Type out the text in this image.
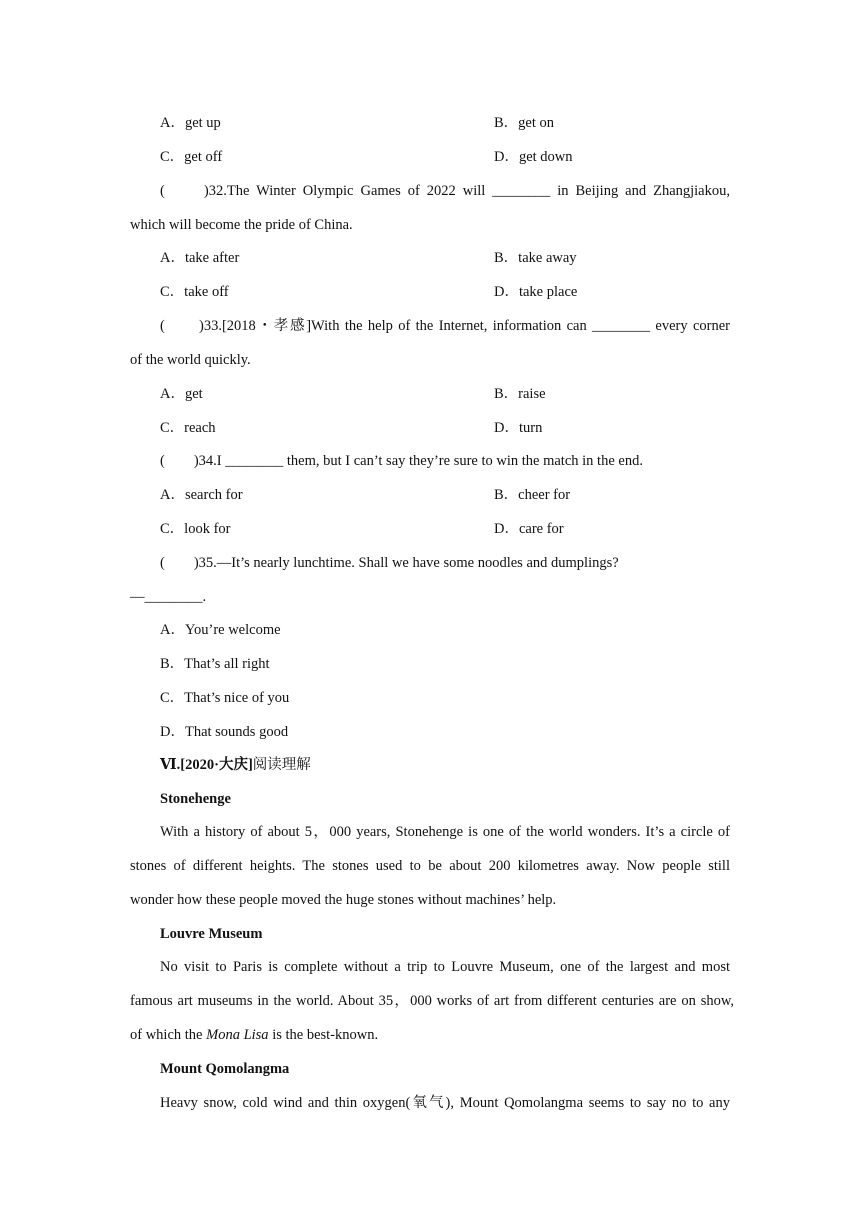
A．get up	B．get on
C．get off	D．get down
(　　)32.The Winter Olympic Games of 2022 will ________ in Beijing and Zhangjiakou,
which will become the pride of China.
A．take after	B．take away
C．take off	D．take place
(　　)33.[2018・孝感]With the help of the Internet, information can ________ every corner
of the world quickly.
A．get	B．raise
C．reach	D．turn
(　　)34.I ________ them, but I can’t say they’re sure to win the match in the end.
A．search for	B．cheer for
C．look for	D．care for
(　　)35.—It’s nearly lunchtime. Shall we have some noodles and dumplings?
—________.
A．You’re welcome
B．That’s all right
C．That’s nice of you
D．That sounds good
Ⅵ.[2020·大庆]阅读理解
Stonehenge
With a history of about 5，000 years, Stonehenge is one of the world wonders. It’s a circle of
stones of different heights. The stones used to be about 200 kilometres away. Now people still
wonder how these people moved the huge stones without machines’ help.
Louvre Museum
No visit to Paris is complete without a trip to Louvre Museum, one of the largest and most
famous art museums in the world. About 35，000 works of art from different centuries are on show,
of which the Mona Lisa is the best-known.
Mount Qomolangma
Heavy snow, cold wind and thin oxygen(氧气), Mount Qomolangma seems to say no to any
